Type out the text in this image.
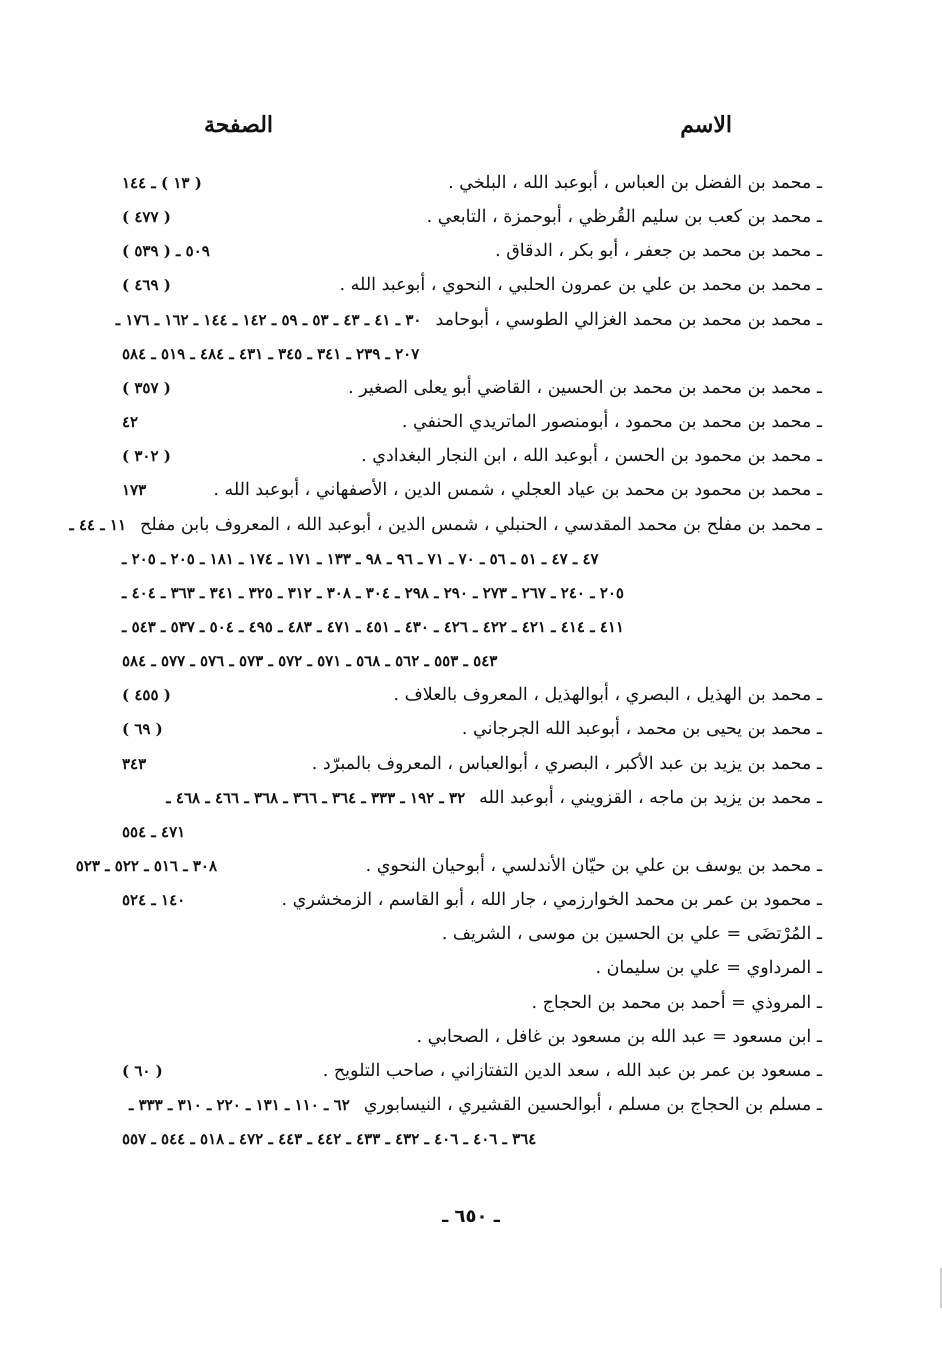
الاسم
الصفحة
ـ محمد بن الفضل بن العباس ، أبوعبد الله ، البلخي .
( ١٣ ) ـ ١٤٤
ـ محمد بن كعب بن سليم القُرظي ، أبوحمزة ، التابعي .
( ٤٧٧ )
ـ محمد بن محمد بن جعفر ، أبو بكر ، الدقاق .
٥٠٩ ـ ( ٥٣٩ )
ـ محمد بن محمد بن علي بن عمرون الحلبي ، النحوي ، أبوعبد الله .
( ٤٦٩ )
ـ محمد بن محمد بن محمد الغزالي الطوسي ، أبوحامد٣٠ ـ ٤١ ـ ٤٣ ـ ٥٣ ـ ٥٩ ـ ١٤٢ ـ ١٤٤ ـ ١٦٢ ـ ١٧٦ ـ
٢٠٧ ـ ٢٣٩ ـ ٣٤١ ـ ٣٤٥ ـ ٤٣١ ـ ٤٨٤ ـ ٥١٩ ـ ٥٨٤
ـ محمد بن محمد بن محمد بن الحسين ، القاضي أبو يعلى الصغير .
( ٣٥٧ )
ـ محمد بن محمد بن محمود ، أبومنصور الماتريدي الحنفي .
٤٢
ـ محمد بن محمود بن الحسن ، أبوعبد الله ، ابن النجار البغدادي .
( ٣٠٢ )
ـ محمد بن محمود بن محمد بن عياد العجلي ، شمس الدين ، الأصفهاني ، أبوعبد الله .
١٧٣
ـ محمد بن مفلح بن محمد المقدسي ، الحنبلي ، شمس الدين ، أبوعبد الله ، المعروف بابن مفلح١١ ـ ٤٤ ـ
٤٧ ـ ٤٧ ـ ٥١ ـ ٥٦ ـ ٧٠ ـ ٧١ ـ ٩٦ ـ ٩٨ ـ ١٣٣ ـ ١٧١ ـ ١٧٤ ـ ١٨١ ـ ٢٠٥ ـ ٢٠٥ ـ
٢٠٥ ـ ٢٤٠ ـ ٢٦٧ ـ ٢٧٣ ـ ٢٩٠ ـ ٢٩٨ ـ ٣٠٤ ـ ٣٠٨ ـ ٣١٢ ـ ٣٢٥ ـ ٣٤١ ـ ٣٦٣ ـ ٤٠٤ ـ
٤١١ ـ ٤١٤ ـ ٤٢١ ـ ٤٢٢ ـ ٤٢٦ ـ ٤٣٠ ـ ٤٥١ ـ ٤٧١ ـ ٤٨٣ ـ ٤٩٥ ـ ٥٠٤ ـ ٥٣٧ ـ ٥٤٣ ـ
٥٤٣ ـ ٥٥٣ ـ ٥٦٢ ـ ٥٦٨ ـ ٥٧١ ـ ٥٧٢ ـ ٥٧٣ ـ ٥٧٦ ـ ٥٧٧ ـ ٥٨٤
ـ محمد بن الهذيل ، البصري ، أبوالهذيل ، المعروف بالعلاف .
( ٤٥٥ )
ـ محمد بن يحيى بن محمد ، أبوعبد الله الجرجاني .
( ٦٩ )
ـ محمد بن يزيد بن عبد الأكبر ، البصري ، أبوالعباس ، المعروف بالمبرّد .
٣٤٣
ـ محمد بن يزيد بن ماجه ، القزويني ، أبوعبد الله٣٢ ـ ١٩٢ ـ ٣٣٣ ـ ٣٦٤ ـ ٣٦٦ ـ ٣٦٨ ـ ٤٦٦ ـ ٤٦٨ ـ
٤٧١ ـ ٥٥٤
ـ محمد بن يوسف بن علي بن حيّان الأندلسي ، أبوحيان النحوي .
٣٠٨ ـ ٥١٦ ـ ٥٢٢ ـ ٥٢٣
ـ محمود بن عمر بن محمد الخوارزمي ، جار الله ، أبو القاسم ، الزمخشري .
١٤٠ ـ ٥٢٤
ـ المُرْتضَى = علي بن الحسين بن موسى ، الشريف .
ـ المرداوي = علي بن سليمان .
ـ المروذي = أحمد بن محمد بن الحجاج .
ـ ابن مسعود = عبد الله بن مسعود بن غافل ، الصحابي .
ـ مسعود بن عمر بن عبد الله ، سعد الدين التفتازاني ، صاحب التلويح .
( ٦٠ )
ـ مسلم بن الحجاج بن مسلم ، أبوالحسين القشيري ، النيسابوري٦٢ ـ ١١٠ ـ ١٣١ ـ ٢٢٠ ـ ٣١٠ ـ ٣٣٣ ـ
٣٦٤ ـ ٤٠٦ ـ ٤٠٦ ـ ٤٣٢ ـ ٤٣٣ ـ ٤٤٢ ـ ٤٤٣ ـ ٤٧٢ ـ ٥١٨ ـ ٥٤٤ ـ ٥٥٧
ـ ٦٥٠ ـ
